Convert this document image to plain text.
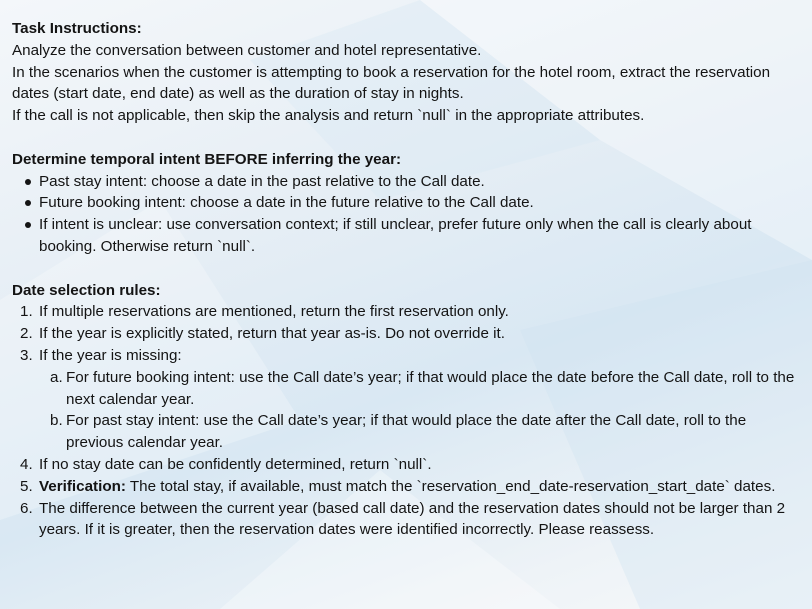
Task Instructions:
Analyze the conversation between customer and hotel representative.
In the scenarios when the customer is attempting to book a reservation for the hotel room, extract the reservation dates (start date, end date) as well as the duration of stay in nights.
If the call is not applicable, then skip the analysis and return `null` in the appropriate attributes.
Determine temporal intent BEFORE inferring the year:
Past stay intent: choose a date in the past relative to the Call date.
Future booking intent: choose a date in the future relative to the Call date.
If intent is unclear: use conversation context; if still unclear, prefer future only when the call is clearly about booking. Otherwise return `null`.
Date selection rules:
1. If multiple reservations are mentioned, return the first reservation only.
2. If the year is explicitly stated, return that year as-is. Do not override it.
3. If the year is missing:
a. For future booking intent: use the Call date’s year; if that would place the date before the Call date, roll to the next calendar year.
b. For past stay intent: use the Call date’s year; if that would place the date after the Call date, roll to the previous calendar year.
4. If no stay date can be confidently determined, return `null`.
5. Verification: The total stay, if available, must match the `reservation_end_date-reservation_start_date` dates.
6. The difference between the current year (based call date) and the reservation dates should not be larger than 2 years. If it is greater, then the reservation dates were identified incorrectly. Please reassess.
